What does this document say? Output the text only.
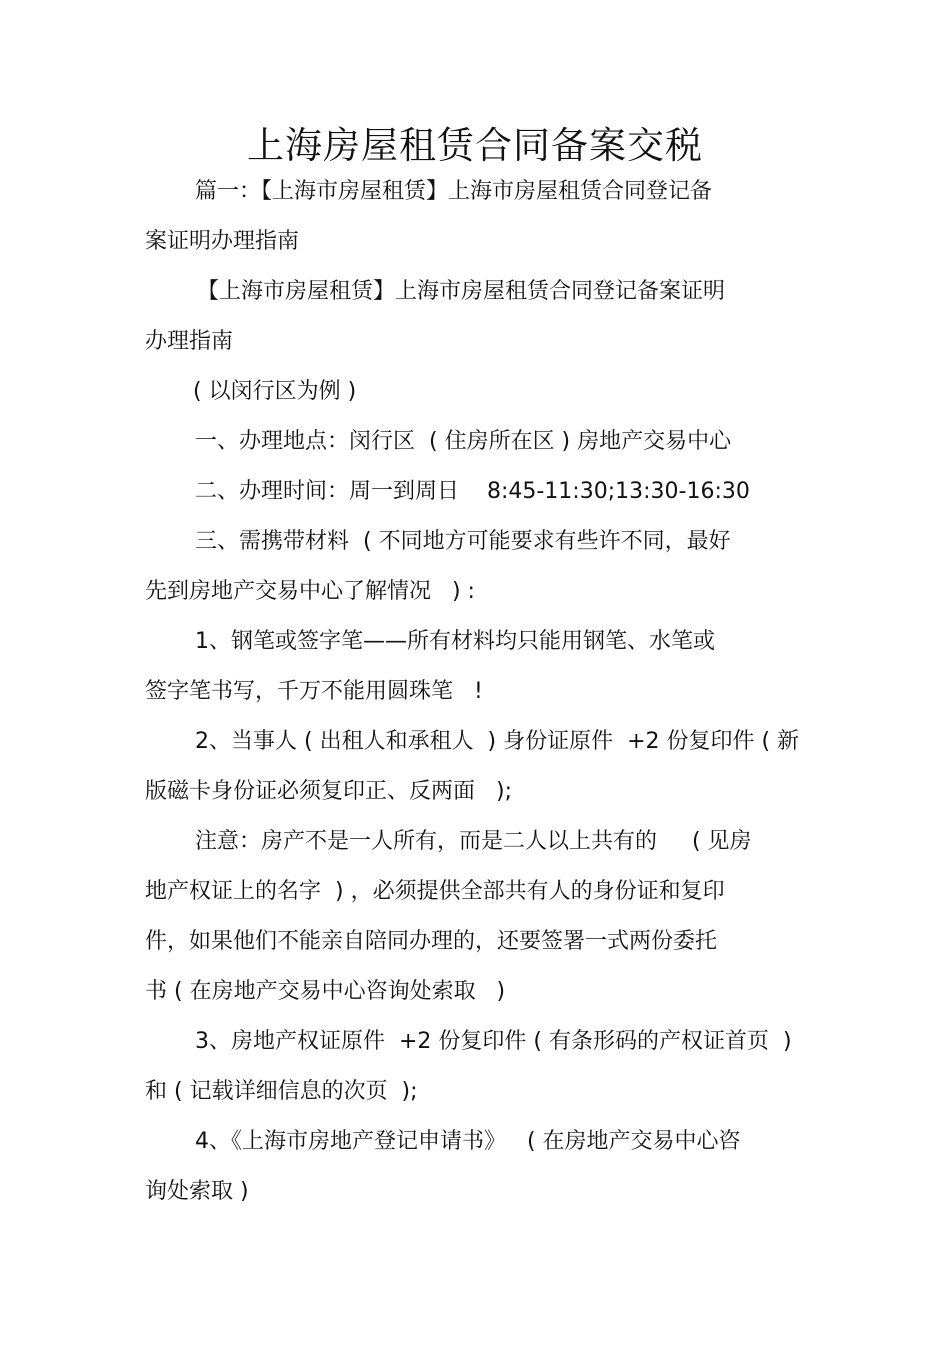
上海房屋租赁合同备案交税
篇一：【上海市房屋租赁】上海市房屋租赁合同登记备
案证明办理指南
【上海市房屋租赁】上海市房屋租赁合同登记备案证明
办理指南
( 以闵行区为例 )
一、办理地点：闵行区  ( 住房所在区 ) 房地产交易中心
二、办理时间：周一到周日    8:45-11:30;13:30-16:30
三、需携带材料  ( 不同地方可能要求有些许不同，最好
先到房地产交易中心了解情况   ) :
1、钢笔或签字笔——所有材料均只能用钢笔、水笔或
签字笔书写，千万不能用圆珠笔   !
2、当事人 ( 出租人和承租人  ) 身份证原件  +2 份复印件 ( 新
版磁卡身份证必须复印正、反两面   );
注意：房产不是一人所有，而是二人以上共有的     ( 见房
地产权证上的名字  ) ，必须提供全部共有人的身份证和复印
件，如果他们不能亲自陪同办理的，还要签署一式两份委托
书 ( 在房地产交易中心咨询处索取   )
3、房地产权证原件  +2 份复印件 ( 有条形码的产权证首页  )
和 ( 记载详细信息的次页  );
4、《上海市房地产登记申请书》   ( 在房地产交易中心咨
询处索取 )
